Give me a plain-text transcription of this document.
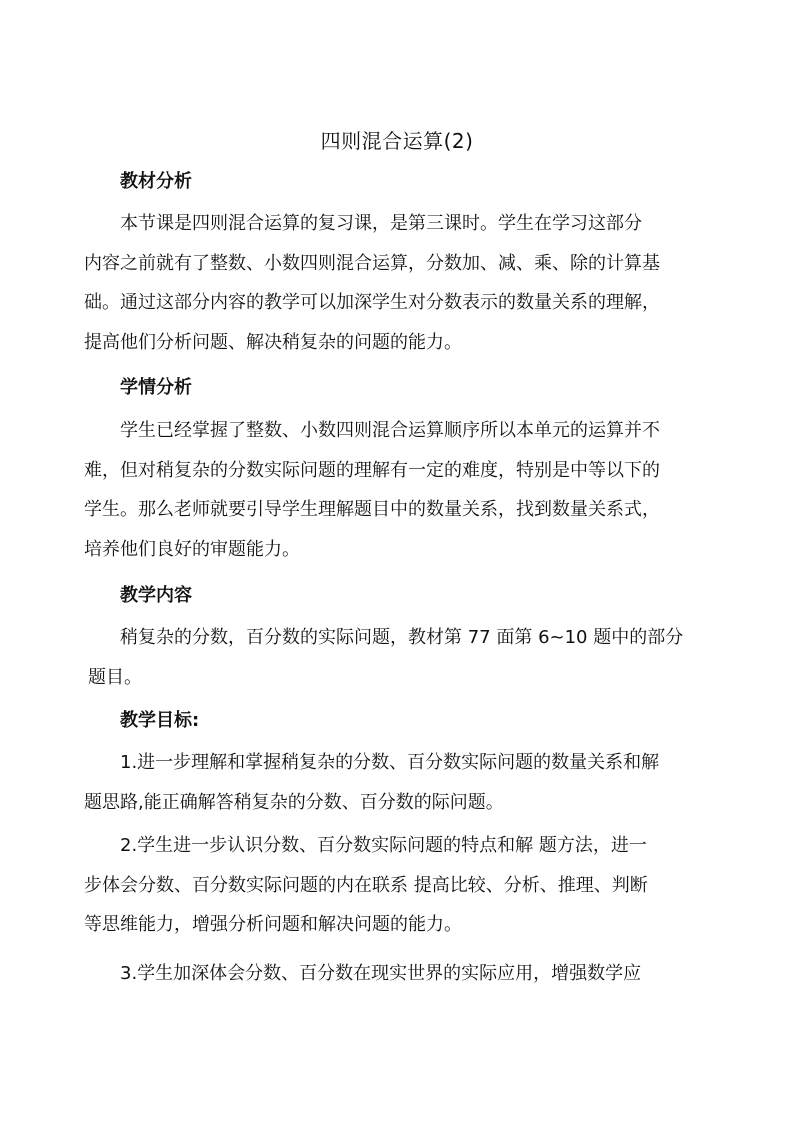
四则混合运算(2)
教材分析
本节课是四则混合运算的复习课，是第三课时。学生在学习这部分
内容之前就有了整数、小数四则混合运算，分数加、减、乘、除的计算基
础。通过这部分内容的教学可以加深学生对分数表示的数量关系的理解，
提高他们分析问题、解决稍复杂的问题的能力。
学情分析
学生已经掌握了整数、小数四则混合运算顺序所以本单元的运算并不
难，但对稍复杂的分数实际问题的理解有一定的难度，特别是中等以下的
学生。那么老师就要引导学生理解题目中的数量关系，找到数量关系式，
培养他们良好的审题能力。
教学内容
稍复杂的分数，百分数的实际问题，教材第 77 面第 6~10 题中的部分
题目。
教学目标:
1.进一步理解和掌握稍复杂的分数、百分数实际问题的数量关系和解
题思路,能正确解答稍复杂的分数、百分数的际问题。
2.学生进一步认识分数、百分数实际问题的特点和解 题方法，进一
步体会分数、百分数实际问题的内在联系 提高比较、分析、推理、判断
等思维能力，增强分析问题和解决问题的能力。
3.学生加深体会分数、百分数在现实世界的实际应用，增强数学应
